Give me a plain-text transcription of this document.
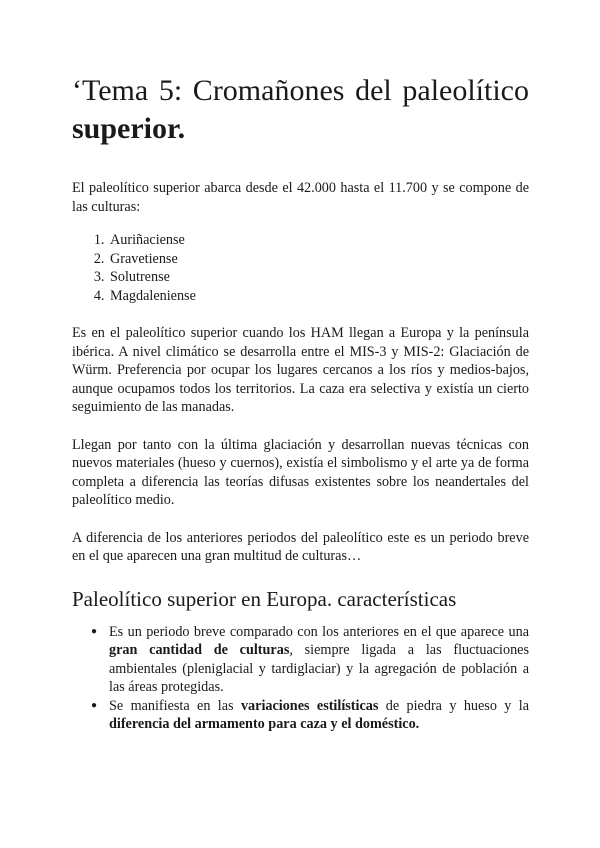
‘Tema 5: Cromañones del paleolítico
superior.

El paleolítico superior abarca desde el 42.000 hasta el 11.700 y se compone de las culturas:

1. Auriñaciense
2. Gravetiense
3. Solutrense
4. Magdaleniense

Es en el paleolítico superior cuando los HAM llegan a Europa y la península ibérica. A nivel climático se desarrolla entre el MIS-3 y MIS-2: Glaciación de Würm. Preferencia por ocupar los lugares cercanos a los ríos y medios-bajos, aunque ocupamos todos los territorios. La caza era selectiva y existía un cierto seguimiento de las manadas.

Llegan por tanto con la última glaciación y desarrollan nuevas técnicas con nuevos materiales (hueso y cuernos), existía el simbolismo y el arte ya de forma completa a diferencia las teorías difusas existentes sobre los neandertales del paleolítico medio.

A diferencia de los anteriores periodos del paleolítico este es un periodo breve en el que aparecen una gran multitud de culturas…

Paleolítico superior en Europa. características
● Es un periodo breve comparado con los anteriores en el que aparece una gran cantidad de culturas, siempre ligada a las fluctuaciones ambientales (pleniglacial y tardiglaciar) y la agregación de población a las áreas protegidas.
● Se manifiesta en las variaciones estilísticas de piedra y hueso y la diferencia del armamento para caza y el doméstico.
